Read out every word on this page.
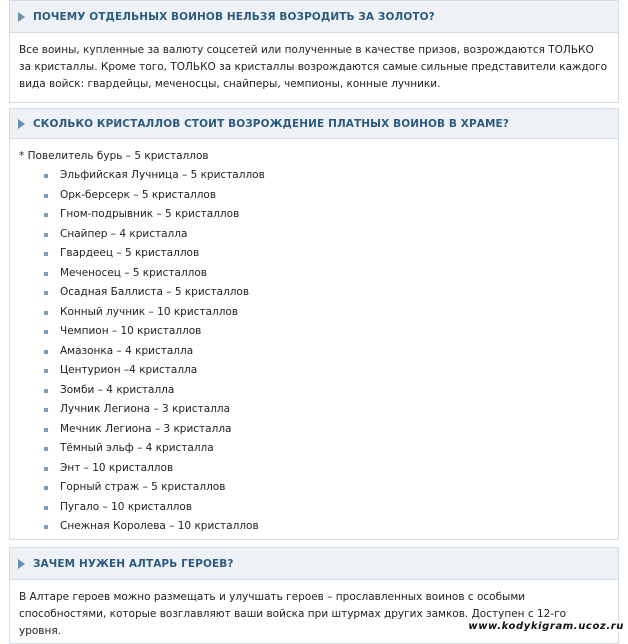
ПОЧЕМУ ОТДЕЛЬНЫХ ВОИНОВ НЕЛЬЗЯ ВОЗРОДИТЬ ЗА ЗОЛОТО?

Все воины, купленные за валюту соцсетей или полученные в качестве призов, возрождаются ТОЛЬКО за кристаллы. Кроме того, ТОЛЬКО за кристаллы возрождаются самые сильные представители каждого вида войск: гвардейцы, меченосцы, снайперы, чемпионы, конные лучники.

СКОЛЬКО КРИСТАЛЛОВ СТОИТ ВОЗРОЖДЕНИЕ ПЛАТНЫХ ВОИНОВ В ХРАМЕ?

* Повелитель бурь – 5 кристаллов

Эльфийская Лучница – 5 кристаллов
Орк-берсерк – 5 кристаллов
Гном-подрывник – 5 кристаллов
Снайпер – 4 кристалла
Гвардеец – 5 кристаллов
Меченосец – 5 кристаллов
Осадная Баллиста – 5 кристаллов
Конный лучник – 10 кристаллов
Чемпион – 10 кристаллов
Амазонка – 4 кристалла
Центурион –4 кристалла
Зомби – 4 кристалла
Лучник Легиона – 3 кристалла
Мечник Легиона – 3 кристалла
Тёмный эльф – 4 кристалла
Энт – 10 кристаллов
Горный страж – 5 кристаллов
Пугало – 10 кристаллов
Снежная Королева – 10 кристаллов
ЗАЧЕМ НУЖЕН АЛТАРЬ ГЕРОЕВ?

В Алтаре героев можно размещать и улучшать героев – прославленных воинов с особыми способностями, которые возглавляют ваши войска при штурмах других замков. Доступен с 12-го уровня.	www.kodykigram.ucoz.ru
